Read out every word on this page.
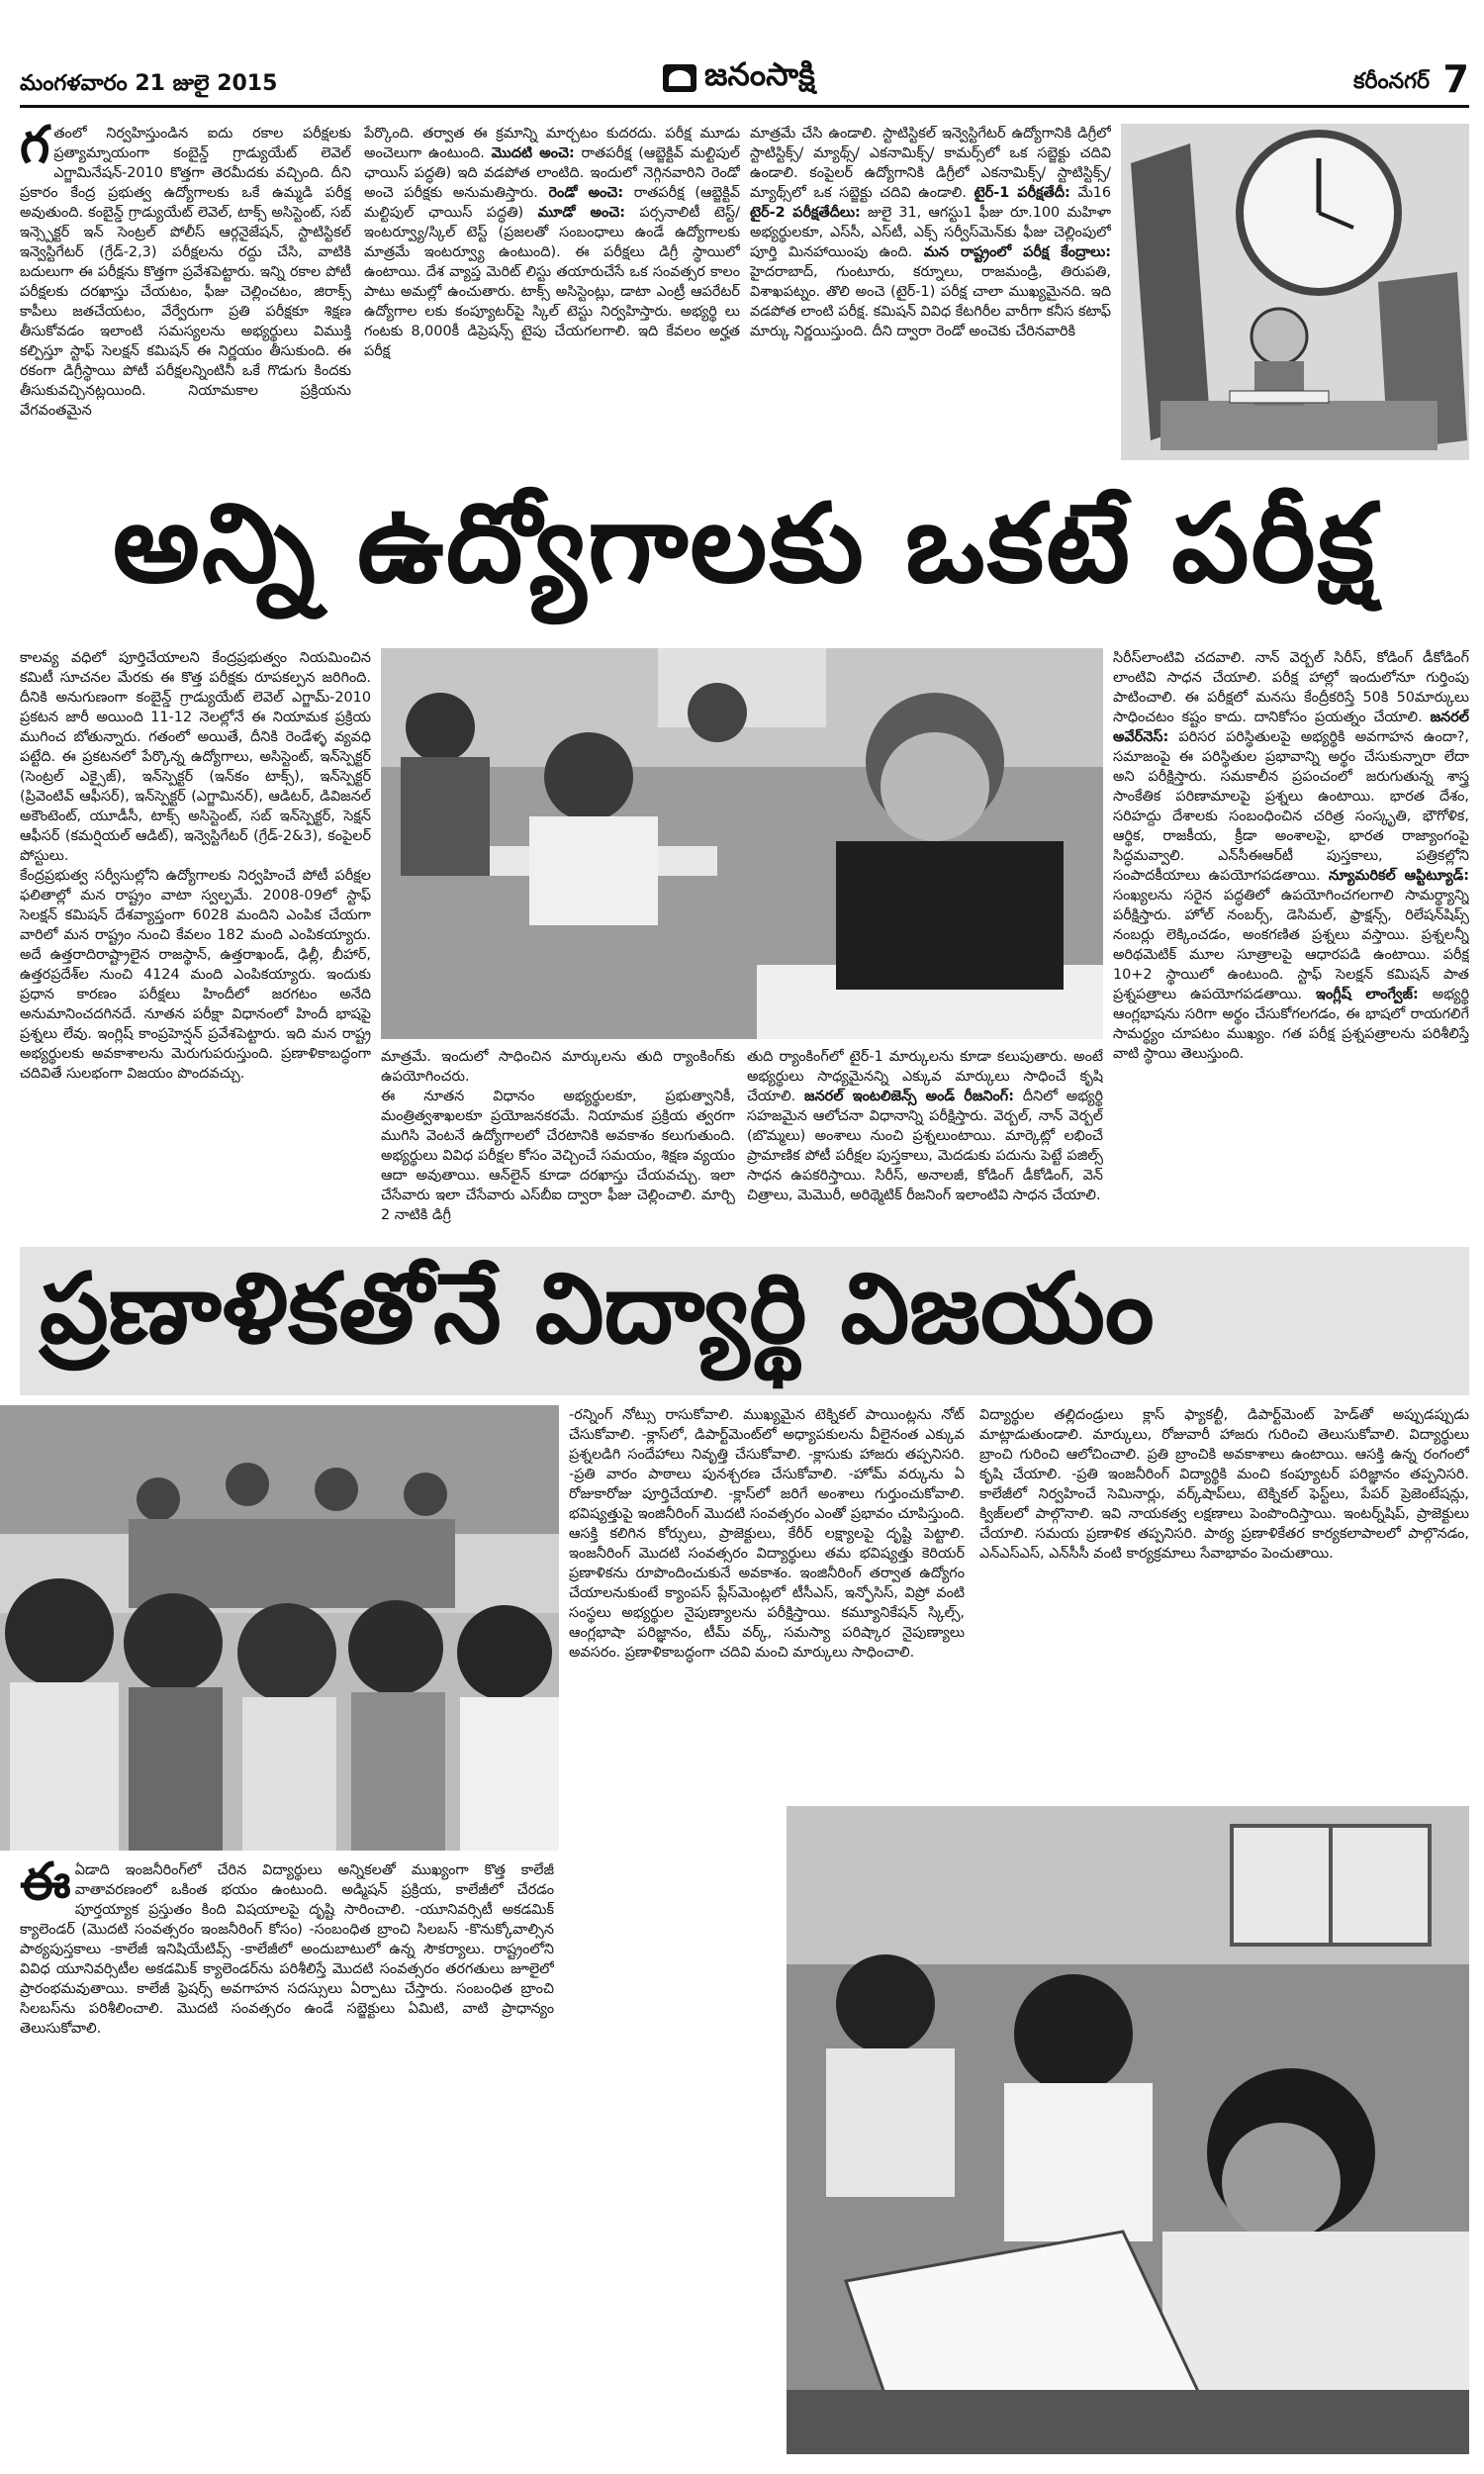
మంగళవారం 21 జులై 2015	జనంసాక్షి	కరీంనగర్ 7
గతంలో నిర్వహిస్తుండిన ఐదు రకాల పరీక్షలకు ప్రత్యామ్నాయంగా కంబైన్డ్ గ్రాడ్యుయేట్ లెవెల్ ఎగ్జామినేషన్-2010 కొత్తగా తెరమీదకు వచ్చింది. దీని ప్రకారం కేంద్ర ప్రభుత్వ ఉద్యోగాలకు ఒకే ఉమ్మడి పరీక్ష అవుతుంది. కంబైన్డ్ గ్రాడ్యుయేట్ లెవెల్, టాక్స్ అసిస్టెంట్, సబ్ ఇన్స్పెక్టర్ ఇన్ సెంట్రల్ పోలీస్ ఆర్గనైజేషన్, స్టాటిస్టికల్ ఇన్వెస్టిగేటర్ (గ్రేడ్-2,3) పరీక్షలను రద్దు చేసి, వాటికి బదులుగా ఈ పరీక్షను కొత్తగా ప్రవేశపెట్టారు. ఇన్ని రకాల పోటీ పరీక్షలకు దరఖాస్తు చేయటం, ఫీజు చెల్లించటం, జిరాక్స్ కాపీలు జతచేయటం, వేర్వేరుగా ప్రతి పరీక్షకూ శిక్షణ తీసుకోవడం ఇలాంటి సమస్యలను అభ్యర్థులు విముక్తి కల్పిస్తూ స్టాఫ్ సెలక్షన్ కమిషన్ ఈ నిర్ణయం తీసుకుంది. ఈ రకంగా డిగ్రీస్థాయి పోటీ పరీక్షలన్నింటినీ ఒకే గొడుగు కిందకు తీసుకువచ్చినట్లయింది. నియామకాల ప్రక్రియను వేగవంతమైన
పేర్కొంది. తర్వాత ఈ క్రమాన్ని మార్చటం కుదరదు. పరీక్ష మూడు అంచెలుగా ఉంటుంది. మొదటి అంచె: రాతపరీక్ష (ఆబ్జెక్టివ్ మల్టిపుల్ ఛాయిస్ పద్ధతి) ఇది వడపోత లాంటిది. ఇందులో నెగ్గినవారిని రెండో అంచె పరీక్షకు అనుమతిస్తారు. రెండో అంచె: రాతపరీక్ష (ఆబ్జెక్టివ్ మల్టిపుల్ ఛాయిస్ పద్ధతి) మూడో అంచె: పర్సనాలిటీ టెస్ట్/ ఇంటర్వ్యూ/స్కిల్ టెస్ట్ (ప్రజలతో సంబంధాలు ఉండే ఉద్యోగాలకు మాత్రమే ఇంటర్వ్యూ ఉంటుంది). ఈ పరీక్షలు డిగ్రీ స్థాయిలో ఉంటాయి. దేశ వ్యాప్త మెరిట్ లిస్టు తయారుచేసే ఒక సంవత్సర కాలం పాటు అమల్లో ఉంచుతారు. టాక్స్ అసిస్టెంట్లు, డాటా ఎంట్రీ ఆపరేటర్ ఉద్యోగాల లకు కంప్యూటర్‌పై స్కిల్ టెస్టు నిర్వహిస్తారు. అభ్యర్థి లు గంటకు 8,000కీ డిప్రెషన్స్ టైపు చేయగలగాలి. ఇది కేవలం అర్హత పరీక్ష
మాత్రమే చేసి ఉండాలి. స్టాటిస్టికల్ ఇన్వెస్టిగేటర్ ఉద్యోగానికి డిగ్రీలో స్టాటిస్టిక్స్/ మ్యాథ్స్/ ఎకనామిక్స్/ కామర్స్‌లో ఒక సబ్జెక్టు చదివి ఉండాలి. కంపైలర్ ఉద్యోగానికి డిగ్రీలో ఎకనామిక్స్/ స్టాటిస్టిక్స్/ మ్యాథ్స్‌లో ఒక సబ్జెక్టు చదివి ఉండాలి. టైర్-1 పరీక్షతేదీ: మే16 టైర్-2 పరీక్షతేదీలు: జులై 31, ఆగస్టు1 ఫీజు రూ.100 మహిళా అభ్యర్థులకూ, ఎస్‌సీ, ఎస్‌టీ, ఎక్స్ సర్వీస్‌మెన్‌కు ఫీజు చెల్లింపులో పూర్తి మినహాయింపు ఉంది. మన రాష్ట్రంలో పరీక్ష కేంద్రాలు: హైదరాబాద్, గుంటూరు, కర్నూలు, రాజమండ్రి, తిరుపతి, విశాఖపట్నం. తొలి అంచె (టైర్-1) పరీక్ష చాలా ముఖ్యమైనది. ఇది వడపోత లాంటి పరీక్ష. కమిషన్ వివిధ కేటగిరీల వారీగా కనీస కటాఫ్ మార్కు నిర్ణయిస్తుంది. దీని ద్వారా రెండో అంచెకు చేరినవారికి
అన్ని ఉద్యోగాలకు ఒకటే పరీక్ష

కాలవ్య వధిలో పూర్తిచేయాలని కేంద్రప్రభుత్వం నియమించిన కమిటీ సూచనల మేరకు ఈ కొత్త పరీక్షకు రూపకల్పన జరిగింది. దీనికి అనుగుణంగా కంబైన్డ్ గ్రాడ్యుయేట్ లెవెల్ ఎగ్జామ్-2010 ప్రకటన జారీ అయింది 11-12 నెలల్లోనే ఈ నియామక ప్రక్రియ ముగించ బోతున్నారు. గతంలో అయితే, దీనికి రెండేళ్ళ వ్యవధి పట్టేది. ఈ ప్రకటనలో పేర్కొన్న ఉద్యోగాలు, అసిస్టెంట్, ఇన్‌స్పెక్టర్ (సెంట్రల్ ఎక్సైజ్), ఇన్‌స్పెక్టర్ (ఇన్‌కం టాక్స్), ఇన్‌స్పెక్టర్ (ప్రివెంటివ్ ఆఫీసర్), ఇన్‌స్పెక్టర్ (ఎగ్జామినర్), ఆడిటర్, డివిజనల్ అకౌంటెంట్, యూడీసీ, టాక్స్ అసిస్టెంట్, సబ్ ఇన్‌స్పెక్టర్, సెక్షన్ ఆఫీసర్ (కమర్షియల్ ఆడిట్), ఇన్వెస్టిగేటర్ (గ్రేడ్-2&3), కంపైలర్ పోస్టులు.

కేంద్రప్రభుత్వ సర్వీసుల్లోని ఉద్యోగాలకు నిర్వహించే పోటీ పరీక్షల ఫలితాల్లో మన రాష్ట్రం వాటా స్వల్పమే. 2008-09లో స్టాఫ్ సెలక్షన్ కమిషన్ దేశవ్యాప్తంగా 6028 మందిని ఎంపిక చేయగా వారిలో మన రాష్ట్రం నుంచి కేవలం 182 మంది ఎంపికయ్యారు. అదే ఉత్తరాదిరాష్ట్రాలైన రాజస్థాన్, ఉత్తరాఖండ్, ఢిల్లీ, బీహార్, ఉత్తరప్రదేశ్‌ల నుంచి 4124 మంది ఎంపికయ్యారు. ఇందుకు ప్రధాన కారణం పరీక్షలు హిందీలో జరగటం అనేది అనుమానించదగినదే. నూతన పరీక్షా విధానంలో హిందీ భాషపై ప్రశ్నలు లేవు. ఇంగ్లిష్ కాంప్రహెన్షన్ ప్రవేశపెట్టారు. ఇది మన రాష్ట్ర అభ్యర్థులకు అవకాశాలను మెరుగుపరుస్తుంది. ప్రణాళికాబద్ధంగా చదివితే సులభంగా విజయం పొందవచ్చు.

మాత్రమే. ఇందులో సాధించిన మార్కులను తుది ర్యాంకింగ్‌కు ఉపయోగించరు.

ఈ నూతన విధానం అభ్యర్థులకూ, ప్రభుత్వానికీ, మంత్రిత్వశాఖలకూ ప్రయోజనకరమే. నియామక ప్రక్రియ త్వరగా ముగిసి వెంటనే ఉద్యోగాలలో చేరటానికి అవకాశం కలుగుతుంది. అభ్యర్థులు వివిధ పరీక్షల కోసం వెచ్చించే సమయం, శిక్షణ వ్యయం ఆదా అవుతాయి. ఆన్‌లైన్ కూడా దరఖాస్తు చేయవచ్చు. ఇలా చేసేవారు ఇలా చేసేవారు ఎస్‌బీఐ ద్వారా ఫీజు చెల్లించాలి. మార్చి 2 నాటికి డిగ్రీ

తుది ర్యాంకింగ్‌లో టైర్-1 మార్కులను కూడా కలుపుతారు. అంటే అభ్యర్థులు సాధ్యమైనన్ని ఎక్కువ మార్కులు సాధించే కృషి చేయాలి. జనరల్ ఇంటలిజెన్స్ అండ్ రీజనింగ్: దీనిలో అభ్యర్థి సహజమైన ఆలోచనా విధానాన్ని పరీక్షిస్తారు. వెర్బల్, నాన్ వెర్బల్ (బొమ్మలు) అంశాలు నుంచి ప్రశ్నలుంటాయి. మార్కెట్లో లభించే ప్రామాణిక పోటీ పరీక్షల పుస్తకాలు, మెదడుకు పదును పెట్టే పజిల్స్ సాధన ఉపకరిస్తాయి. సిరీస్, అనాలజీ, కోడింగ్ డీకోడింగ్, వెన్ చిత్రాలు, మెమొరీ, అరిథ్మెటిక్ రీజనింగ్ ఇలాంటివి సాధన చేయాలి.
సిరీస్‌లాంటివి చదవాలి. నాన్ వెర్బల్ సిరీస్, కోడింగ్ డీకోడింగ్ లాంటివి సాధన చేయాలి. పరీక్ష హాల్లో ఇందులోనూ గుర్తింపు పాటించాలి. ఈ పరీక్షలో మనసు కేంద్రీకరిస్తే 50కి 50మార్కులు సాధించటం కష్టం కాదు. దానికోసం ప్రయత్నం చేయాలి. జనరల్ అవేర్‌నెస్: పరిసర పరిస్థితులపై అభ్యర్థికి అవగాహన ఉందా?, సమాజంపై ఈ పరిస్థితుల ప్రభావాన్ని అర్థం చేసుకున్నారా లేదా అని పరీక్షిస్తారు. సమకాలీన ప్రపంచంలో జరుగుతున్న శాస్త్ర సాంకేతిక పరిణామాలపై ప్రశ్నలు ఉంటాయి. భారత దేశం, సరిహద్దు దేశాలకు సంబంధించిన చరిత్ర సంస్కృతి, భౌగోళిక, ఆర్థిక, రాజకీయ, క్రీడా అంశాలపై, భారత రాజ్యాంగంపై సిద్ధమవ్వాలి. ఎన్‌సీఈఆర్‌టీ పుస్తకాలు, పత్రికల్లోని సంపాదకీయాలు ఉపయోగపడతాయి. న్యూమరికల్ ఆప్టిట్యూడ్: సంఖ్యలను సరైన పద్ధతిలో ఉపయోగించగలగాలి సామర్థ్యాన్ని పరీక్షిస్తారు. హోల్ నంబర్స్, డెసిమల్, ఫ్రాక్షన్స్, రిలేషన్‌షిప్స్ నంబర్లు లెక్కించడం, అంకగణిత ప్రశ్నలు వస్తాయి. ప్రశ్నలన్నీ అరిథమెటిక్ మూల సూత్రాలపై ఆధారపడి ఉంటాయి. పరీక్ష 10+2 స్థాయిలో ఉంటుంది. స్టాఫ్ సెలక్షన్ కమిషన్ పాత ప్రశ్నపత్రాలు ఉపయోగపడతాయి. ఇంగ్లీష్ లాంగ్వేజ్: అభ్యర్థి ఆంగ్లభాషను సరిగా అర్థం చేసుకోగలగడం, ఈ భాషలో రాయగలిగే సామర్థ్యం చూపటం ముఖ్యం. గత పరీక్ష ప్రశ్నపత్రాలను పరిశీలిస్తే వాటి స్థాయి తెలుస్తుంది.
ప్రణాళికతోనే విద్యార్థి విజయం
ఈఏడాది ఇంజనీరింగ్‌లో చేరిన విద్యార్థులు అన్నికలతో ముఖ్యంగా కొత్త కాలేజీ వాతావరణంలో ఒకింత భయం ఉంటుంది. అడ్మిషన్ ప్రక్రియ, కాలేజీలో చేరడం పూర్తయ్యాక ప్రస్తుతం కింది విషయాలపై దృష్టి సారించాలి. -యూనివర్సిటీ అకడమిక్ క్యాలెండర్ (మొదటి సంవత్సరం ఇంజనీరింగ్ కోసం) -సంబంధిత బ్రాంచి సిలబస్ -కొనుక్కోవాల్సిన పాఠ్యపుస్తకాలు -కాలేజీ ఇనిషియేటివ్స్ -కాలేజీలో అందుబాటులో ఉన్న సౌకర్యాలు. రాష్ట్రంలోని వివిధ యూనివర్సిటీల అకడమిక్ క్యాలెండర్‌ను పరిశీలిస్తే మొదటి సంవత్సరం తరగతులు జూలైలో ప్రారంభమవుతాయి. కాలేజీ ఫ్రెషర్స్ అవగాహన సదస్సులు ఏర్పాటు చేస్తారు. సంబంధిత బ్రాంచి సిలబస్‌ను పరిశీలించాలి. మొదటి సంవత్సరం ఉండే సబ్జెక్టులు ఏమిటి, వాటి ప్రాధాన్యం తెలుసుకోవాలి.
-రన్నింగ్ నోట్సు రాసుకోవాలి. ముఖ్యమైన టెక్నికల్ పాయింట్లను నోట్ చేసుకోవాలి. -క్లాస్‌లో, డిపార్ట్‌మెంట్‌లో అధ్యాపకులను వీలైనంత ఎక్కువ ప్రశ్నలడిగి సందేహాలు నివృత్తి చేసుకోవాలి. -క్లాసుకు హాజరు తప్పనిసరి. -ప్రతి వారం పాఠాలు పునశ్చరణ చేసుకోవాలి. -హోమ్ వర్కును ఏ రోజుకారోజు పూర్తిచేయాలి. -క్లాస్‌లో జరిగే అంశాలు గుర్తుంచుకోవాలి. భవిష్యత్తుపై ఇంజినీరింగ్ మొదటి సంవత్సరం ఎంతో ప్రభావం చూపిస్తుంది. ఆసక్తి కలిగిన కోర్సులు, ప్రాజెక్టులు, కేరీర్ లక్ష్యాలపై దృష్టి పెట్టాలి. ఇంజనీరింగ్ మొదటి సంవత్సరం విద్యార్థులు తమ భవిష్యత్తు కెరియర్ ప్రణాళికను రూపొందించుకునే అవకాశం. ఇంజినీరింగ్ తర్వాత ఉద్యోగం చేయాలనుకుంటే క్యాంపస్ ప్లేస్‌మెంట్లలో టీసీఎస్, ఇన్ఫోసిస్, విప్రో వంటి సంస్థలు అభ్యర్థుల నైపుణ్యాలను పరీక్షిస్తాయి. కమ్యూనికేషన్ స్కిల్స్, ఆంగ్లభాషా పరిజ్ఞానం, టీమ్ వర్క్, సమస్యా పరిష్కార నైపుణ్యాలు అవసరం. ప్రణాళికాబద్ధంగా చదివి మంచి మార్కులు సాధించాలి.
విద్యార్థుల తల్లిదండ్రులు క్లాస్ ఫ్యాకల్టీ, డిపార్ట్‌మెంట్ హెడ్‌తో అప్పుడప్పుడు మాట్లాడుతుండాలి. మార్కులు, రోజువారీ హాజరు గురించి తెలుసుకోవాలి. విద్యార్థులు బ్రాంచి గురించి ఆలోచించాలి. ప్రతి బ్రాంచికి అవకాశాలు ఉంటాయి. ఆసక్తి ఉన్న రంగంలో కృషి చేయాలి. -ప్రతి ఇంజనీరింగ్ విద్యార్థికి మంచి కంప్యూటర్ పరిజ్ఞానం తప్పనిసరి. కాలేజీలో నిర్వహించే సెమినార్లు, వర్క్‌షాప్‌లు, టెక్నికల్ ఫెస్ట్‌లు, పేపర్ ప్రెజెంటేషన్లు, క్విజ్‌లలో పాల్గొనాలి. ఇవి నాయకత్వ లక్షణాలు పెంపొందిస్తాయి. ఇంటర్న్‌షిప్, ప్రాజెక్టులు చేయాలి. సమయ ప్రణాళిక తప్పనిసరి. పాఠ్య ప్రణాళికేతర కార్యకలాపాలలో పాల్గొనడం, ఎన్‌ఎస్‌ఎస్, ఎన్‌సీసీ వంటి కార్యక్రమాలు సేవాభావం పెంచుతాయి.
